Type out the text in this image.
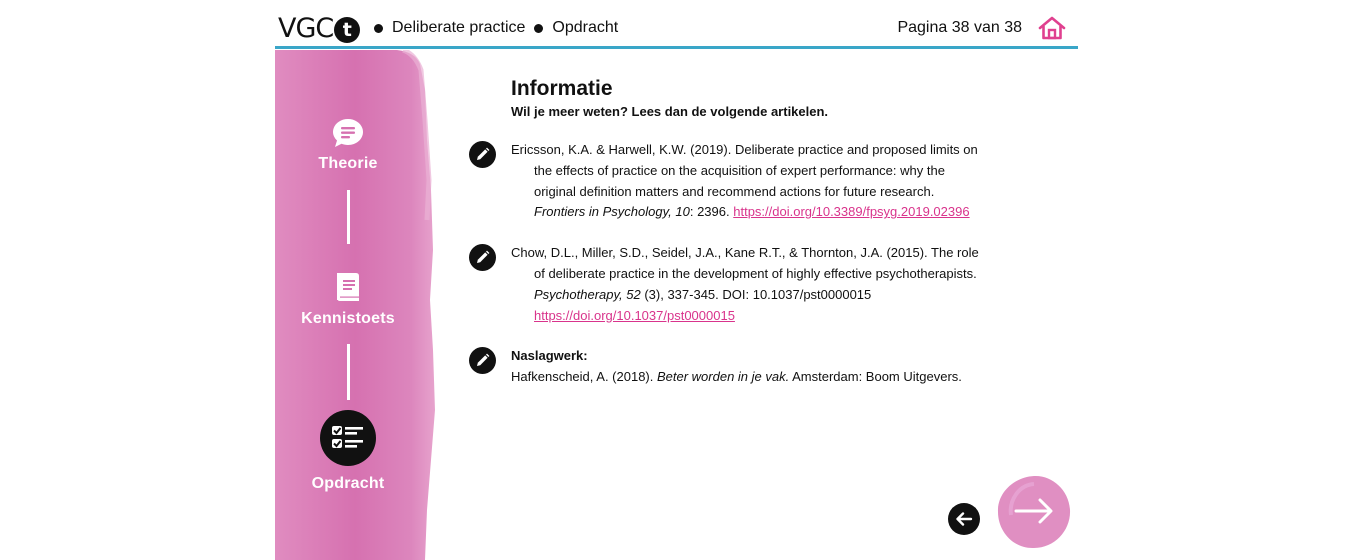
VGC t	Deliberate practice Opdracht	Pagina 38 van 38
Theorie
Kennistoets
Opdracht
Informatie

Wil je meer weten? Lees dan de volgende artikelen.

Ericsson, K.A. & Harwell, K.W. (2019). Deliberate practice and proposed limits on the effects of practice on the acquisition of expert performance: why the original definition matters and recommend actions for future research. Frontiers in Psychology, 10: 2396. https://doi.org/10.3389/fpsyg.2019.02396
Chow, D.L., Miller, S.D., Seidel, J.A., Kane R.T., & Thornton, J.A. (2015). The role of deliberate practice in the development of highly effective psychotherapists. Psychotherapy, 52 (3), 337-345. DOI: 10.1037/pst0000015 https://doi.org/10.1037/pst0000015
Naslagwerk:
Hafkenscheid, A. (2018). Beter worden in je vak. Amsterdam: Boom Uitgevers.
